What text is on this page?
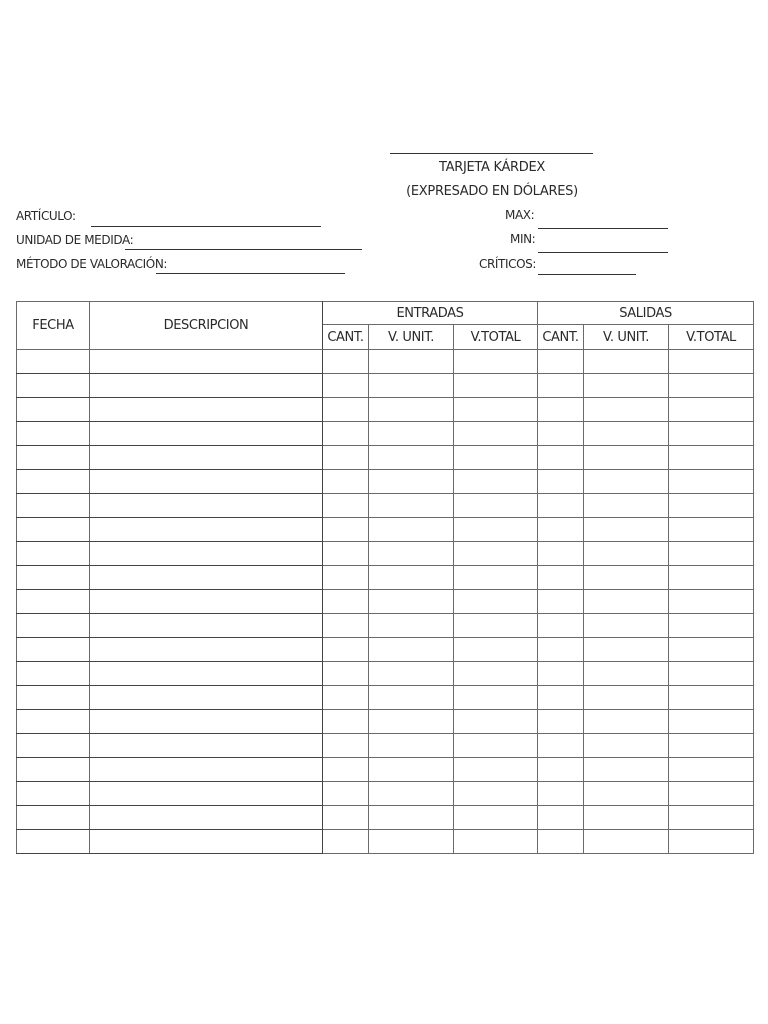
TARJETA KÁRDEX
(EXPRESADO EN DÓLARES)
ARTÍCULO:
UNIDAD DE MEDIDA:
MÉTODO DE VALORACIÓN:
MAX:
MIN:
CRÍTICOS:
FECHA	DESCRIPCION	ENTRADAS			SALIDAS		
		CANT.	V. UNIT.	V.TOTAL	CANT.	V. UNIT.	V.TOTAL
